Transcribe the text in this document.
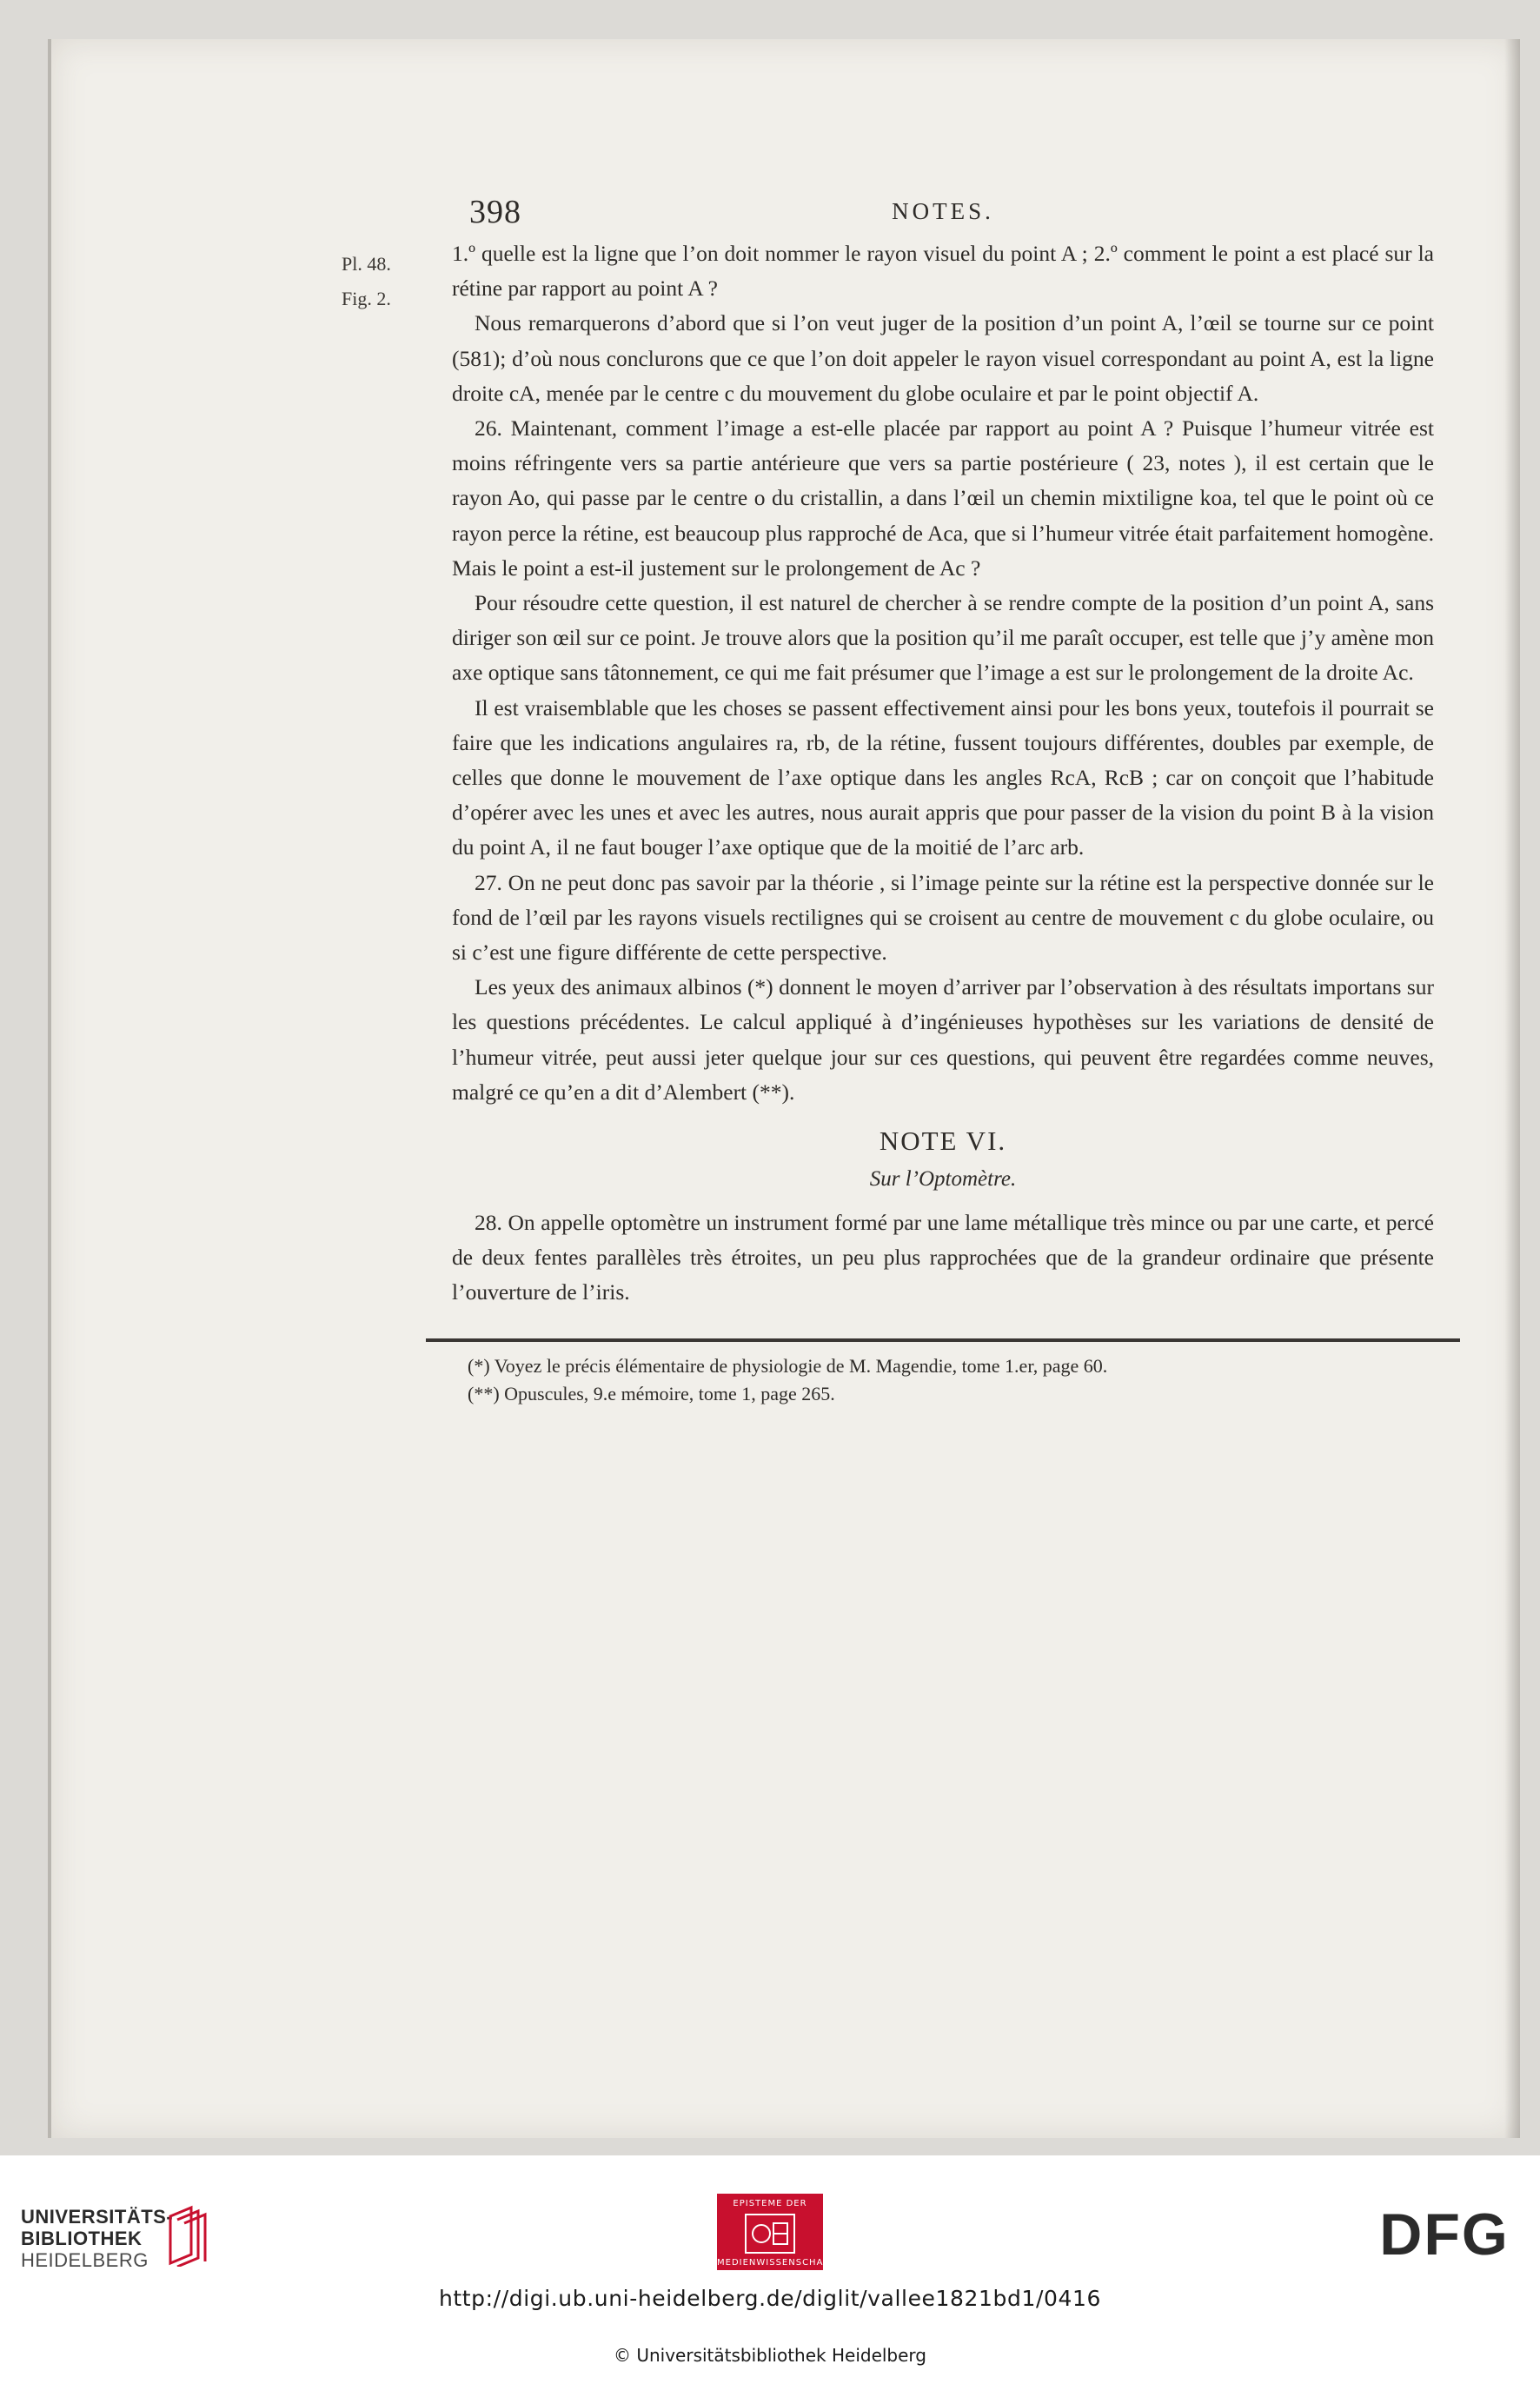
398	NOTES.
Pl. 48.
Fig. 2.

1.º quelle est la ligne que l’on doit nommer le rayon visuel du point A ; 2.º comment le point a est placé sur la rétine par rapport au point A ?

Nous remarquerons d’abord que si l’on veut juger de la position d’un point A, l’œil se tourne sur ce point (581); d’où nous conclurons que ce que l’on doit appeler le rayon visuel correspondant au point A, est la ligne droite cA, menée par le centre c du mouvement du globe oculaire et par le point objectif A.

26. Maintenant, comment l’image a est-elle placée par rapport au point A ? Puisque l’humeur vitrée est moins réfringente vers sa partie antérieure que vers sa partie postérieure ( 23, notes ), il est certain que le rayon Ao, qui passe par le centre o du cristallin, a dans l’œil un chemin mixtiligne koa, tel que le point où ce rayon perce la rétine, est beaucoup plus rapproché de Aca, que si l’humeur vitrée était parfaitement homogène. Mais le point a est-il justement sur le prolongement de Ac ?

Pour résoudre cette question, il est naturel de chercher à se rendre compte de la position d’un point A, sans diriger son œil sur ce point. Je trouve alors que la position qu’il me paraît occuper, est telle que j’y amène mon axe optique sans tâtonnement, ce qui me fait présumer que l’image a est sur le prolongement de la droite Ac.

Il est vraisemblable que les choses se passent effectivement ainsi pour les bons yeux, toutefois il pourrait se faire que les indications angulaires ra, rb, de la rétine, fussent toujours différentes, doubles par exemple, de celles que donne le mouvement de l’axe optique dans les angles RcA, RcB ; car on conçoit que l’habitude d’opérer avec les unes et avec les autres, nous aurait appris que pour passer de la vision du point B à la vision du point A, il ne faut bouger l’axe optique que de la moitié de l’arc arb.

27. On ne peut donc pas savoir par la théorie , si l’image peinte sur la rétine est la perspective donnée sur le fond de l’œil par les rayons visuels rectilignes qui se croisent au centre de mouvement c du globe oculaire, ou si c’est une figure différente de cette perspective.

Les yeux des animaux albinos (*) donnent le moyen d’arriver par l’observation à des résultats importans sur les questions précédentes. Le calcul appliqué à d’ingénieuses hypothèses sur les variations de densité de l’humeur vitrée, peut aussi jeter quelque jour sur ces questions, qui peuvent être regardées comme neuves, malgré ce qu’en a dit d’Alembert (**).

NOTE VI.
Sur l’Optomètre.

28. On appelle optomètre un instrument formé par une lame métallique très mince ou par une carte, et percé de deux fentes parallèles très étroites, un peu plus rapprochées que de la grandeur ordinaire que présente l’ouverture de l’iris.

(*) Voyez le précis élémentaire de physiologie de M. Magendie, tome 1.er, page 60.

(**) Opuscules, 9.e mémoire, tome 1, page 265.

UNIVERSITÄTS-
BIBLIOTHEK
HEIDELBERG
EPISTEME DER
MEDIENWISSENSCHAFT	DFG
http://digi.ub.uni-heidelberg.de/diglit/vallee1821bd1/0416
© Universitätsbibliothek Heidelberg
